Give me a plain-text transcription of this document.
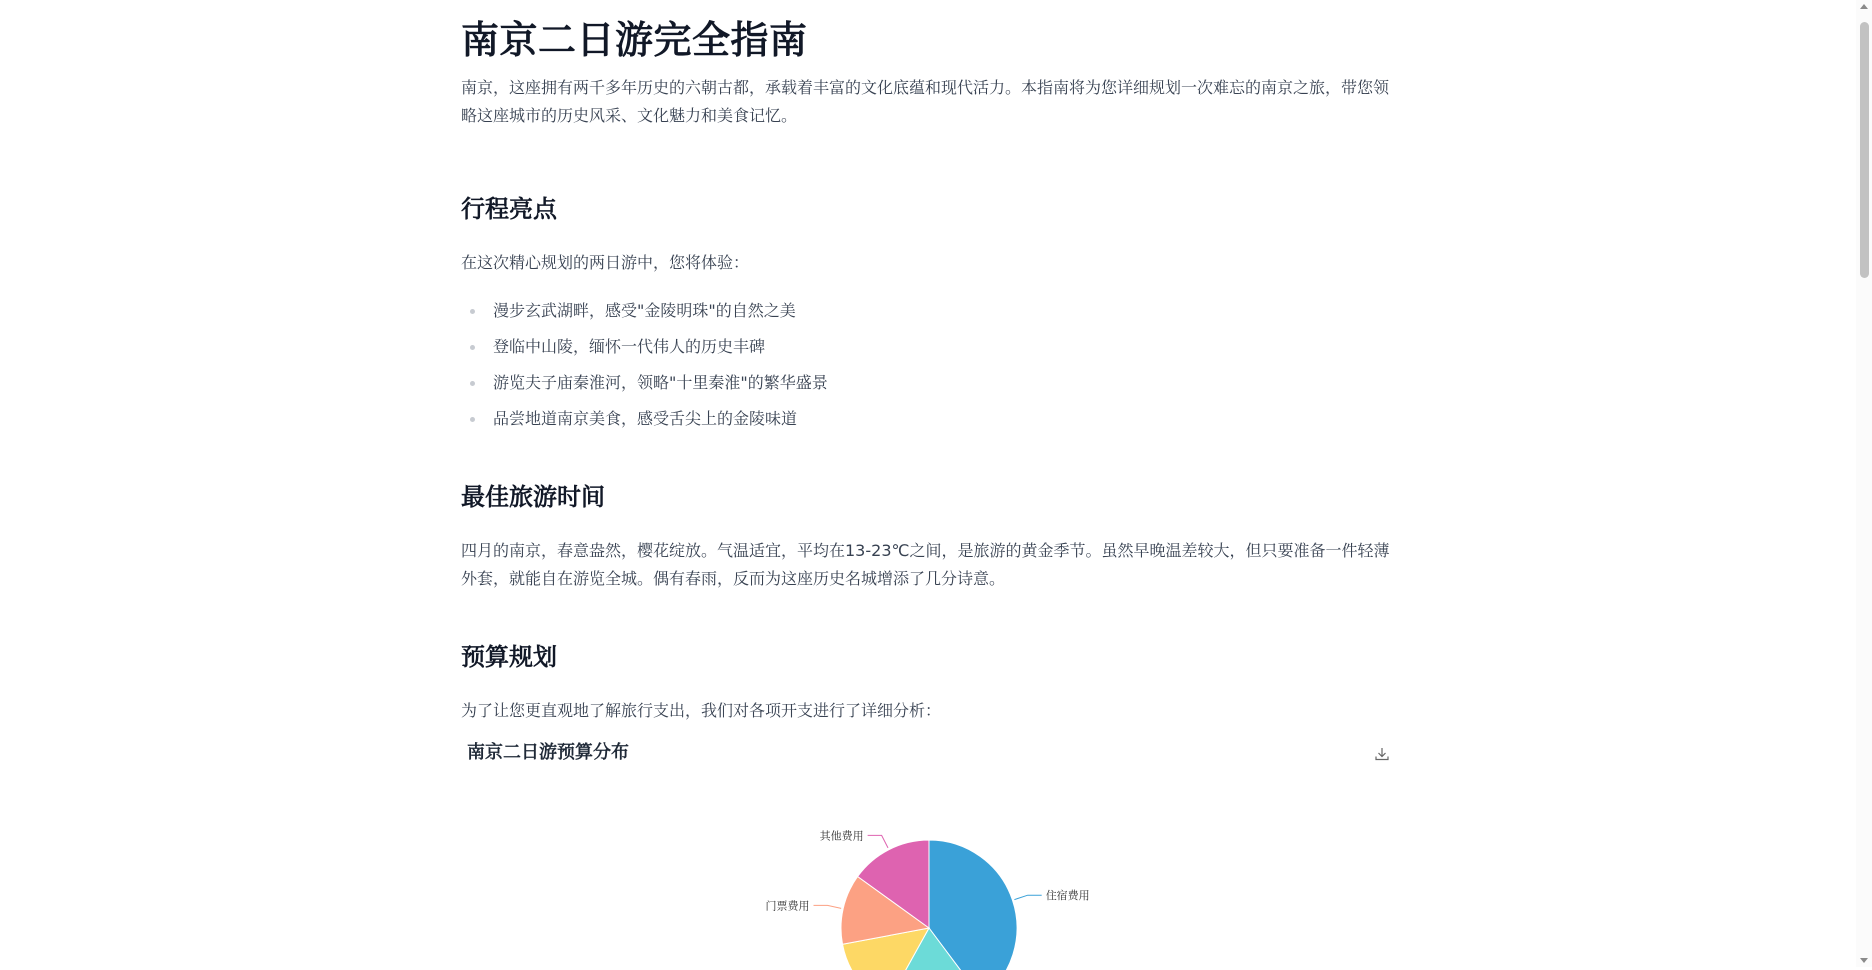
南京二日游完全指南

南京，这座拥有两千多年历史的六朝古都，承载着丰富的文化底蕴和现代活力。本指南将为您详细规划一次难忘的南京之旅，带您领略这座城市的历史风采、文化魅力和美食记忆。

行程亮点

在这次精心规划的两日游中，您将体验：

漫步玄武湖畔，感受"金陵明珠"的自然之美
登临中山陵，缅怀一代伟人的历史丰碑
游览夫子庙秦淮河，领略"十里秦淮"的繁华盛景
品尝地道南京美食，感受舌尖上的金陵味道
最佳旅游时间

四月的南京，春意盎然，樱花绽放。气温适宜，平均在13-23℃之间，是旅游的黄金季节。虽然早晚温差较大，但只要准备一件轻薄外套，就能自在游览全城。偶有春雨，反而为这座历史名城增添了几分诗意。

预算规划

为了让您更直观地了解旅行支出，我们对各项开支进行了详细分析：

南京二日游预算分布
住宿费用
门票费用
其他费用
